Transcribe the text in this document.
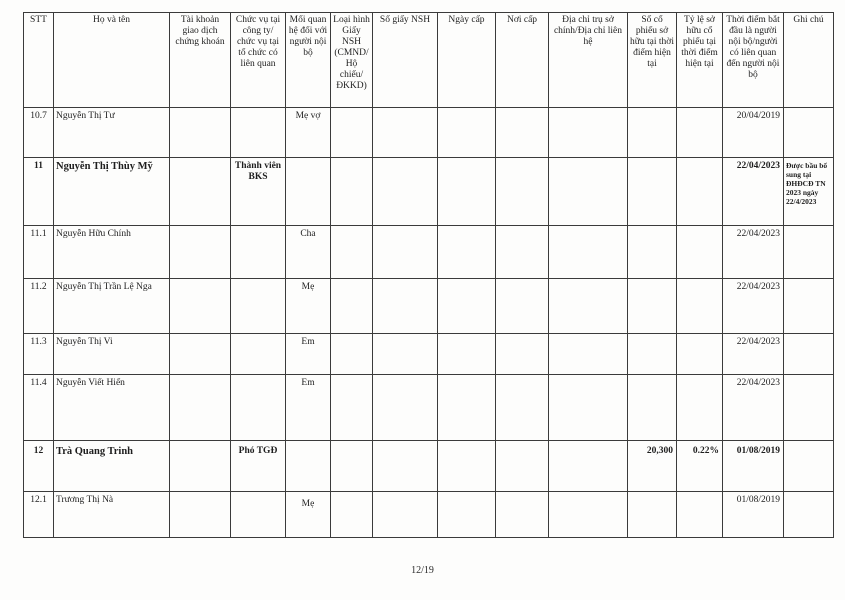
STT	Họ và tên	Tài khoản giao dịch chứng khoán	Chức vụ tại công ty/ chức vụ tại tổ chức có liên quan	Mối quan hệ đối với người nội bộ	Loại hình Giấy NSH (CMND/ Hộ chiếu/ ĐKKD)	Số giấy NSH	Ngày cấp	Nơi cấp	Địa chỉ trụ sở chính/Địa chỉ liên hệ	Số cổ phiếu sở hữu tại thời điểm hiện tại	Tỷ lệ sở hữu cổ phiếu tại thời điểm hiện tại	Thời điểm bắt đầu là người nội bộ/người có liên quan đến người nội bộ	Ghi chú
10.7	Nguyễn Thị Tư			Mẹ vợ								20/04/2019	
11	Nguyễn Thị Thùy Mỹ		Thành viên BKS									22/04/2023	Được bầu bổ sung tại ĐHĐCĐ TN 2023 ngày 22/4/2023
11.1	Nguyễn Hữu Chính			Cha								22/04/2023	
11.2	Nguyễn Thị Trần Lệ Nga			Mẹ								22/04/2023	
11.3	Nguyễn Thị Vi			Em								22/04/2023	
11.4	Nguyễn Viết Hiển			Em								22/04/2023	
12	Trà Quang Trinh		Phó TGĐ							20,300	0.22%	01/08/2019	
12.1	Trương Thị Nà			Mẹ								01/08/2019	
12/19
